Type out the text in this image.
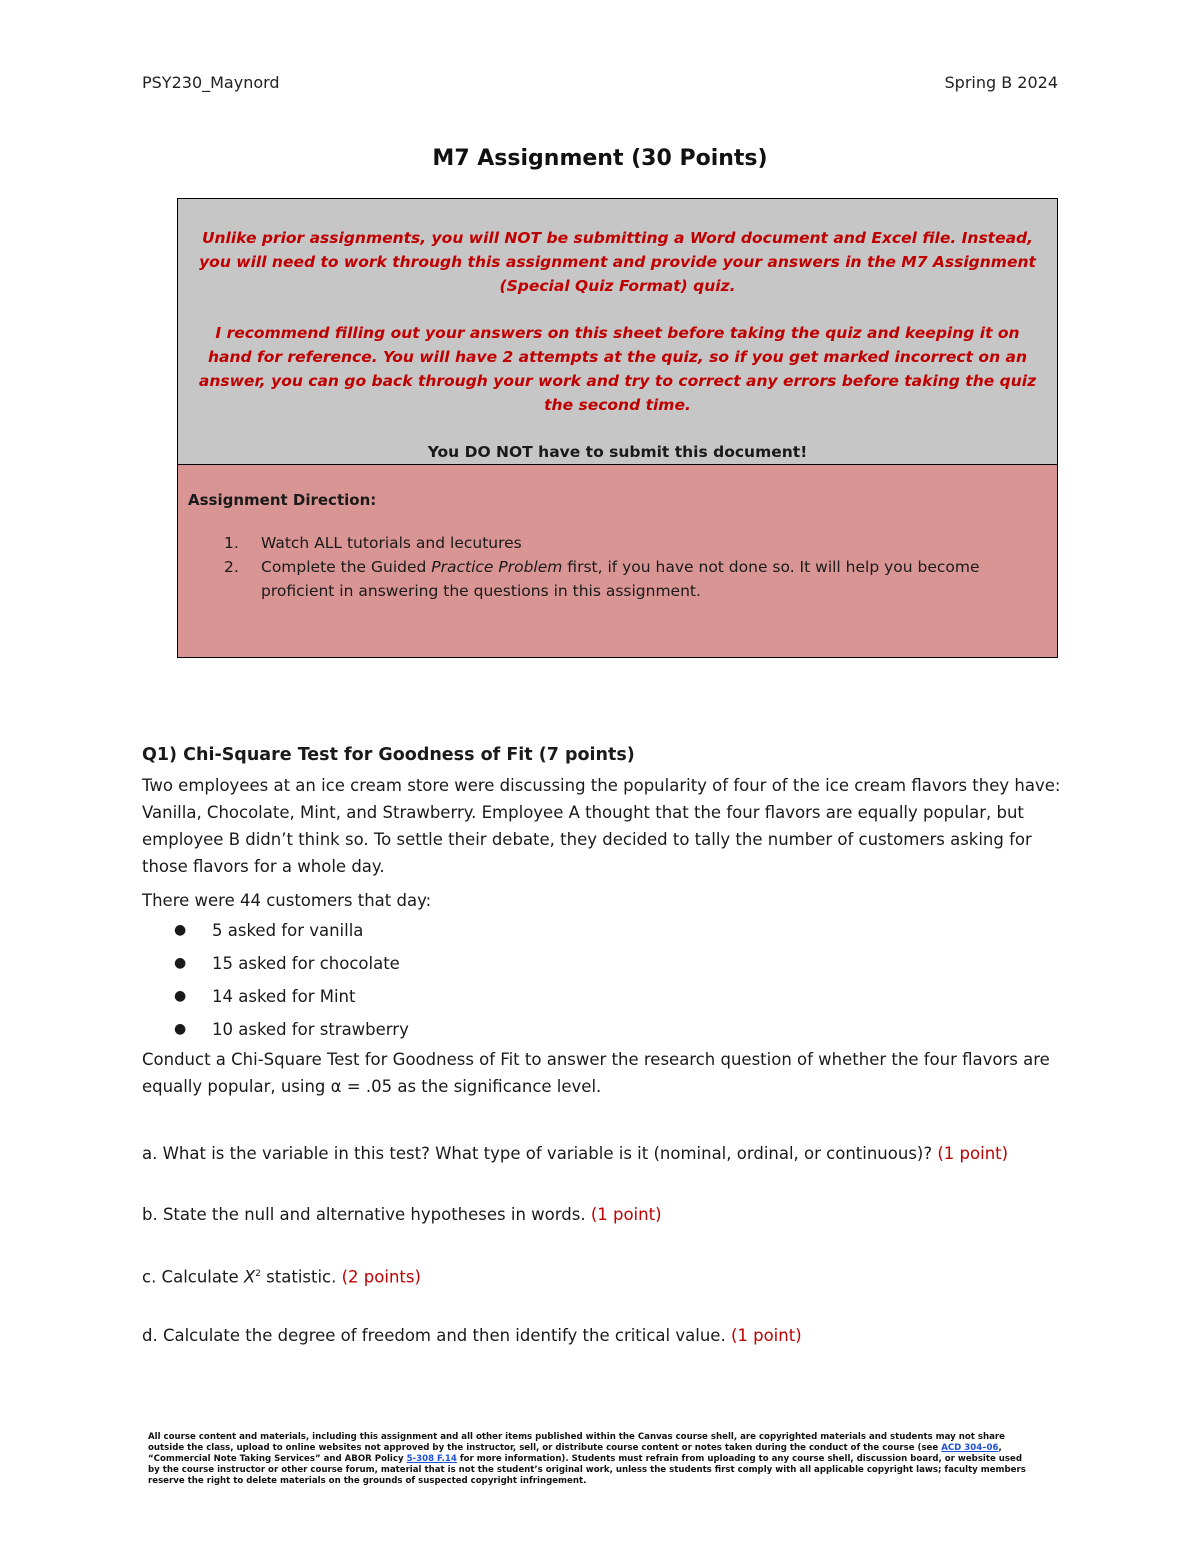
PSY230_Maynord	Spring B 2024
M7 Assignment (30 Points)

Unlike prior assignments, you will NOT be submitting a Word document and Excel file. Instead, you will need to work through this assignment and provide your answers in the M7 Assignment (Special Quiz Format) quiz.

I recommend filling out your answers on this sheet before taking the quiz and keeping it on hand for reference. You will have 2 attempts at the quiz, so if you get marked incorrect on an answer, you can go back through your work and try to correct any errors before taking the quiz the second time.

You DO NOT have to submit this document!

Assignment Direction:

1.	Watch ALL tutorials and lecutures
2.	Complete the Guided Practice Problem first, if you have not done so. It will help you become proficient in answering the questions in this assignment.
Q1) Chi-Square Test for Goodness of Fit (7 points)

Two employees at an ice cream store were discussing the popularity of four of the ice cream flavors they have: Vanilla, Chocolate, Mint, and Strawberry. Employee A thought that the four flavors are equally popular, but employee B didn’t think so. To settle their debate, they decided to tally the number of customers asking for those flavors for a whole day.

There were 44 customers that day:

●	5 asked for vanilla
●	15 asked for chocolate
●	14 asked for Mint
●	10 asked for strawberry

Conduct a Chi-Square Test for Goodness of Fit to answer the research question of whether the four flavors are equally popular, using α = .05 as the significance level.

a. What is the variable in this test? What type of variable is it (nominal, ordinal, or continuous)? (1 point)

b. State the null and alternative hypotheses in words. (1 point)

c. Calculate $X^2$ statistic. (2 points)

d. Calculate the degree of freedom and then identify the critical value. (1 point)

All course content and materials, including this assignment and all other items published within the Canvas course shell, are copyrighted materials and students may not share outside the class, upload to online websites not approved by the instructor, sell, or distribute course content or notes taken during the conduct of the course (see ACD 304–06, “Commercial Note Taking Services” and ABOR Policy 5-308 F.14 for more information). Students must refrain from uploading to any course shell, discussion board, or website used by the course instructor or other course forum, material that is not the student’s original work, unless the students first comply with all applicable copyright laws; faculty members reserve the right to delete materials on the grounds of suspected copyright infringement.
